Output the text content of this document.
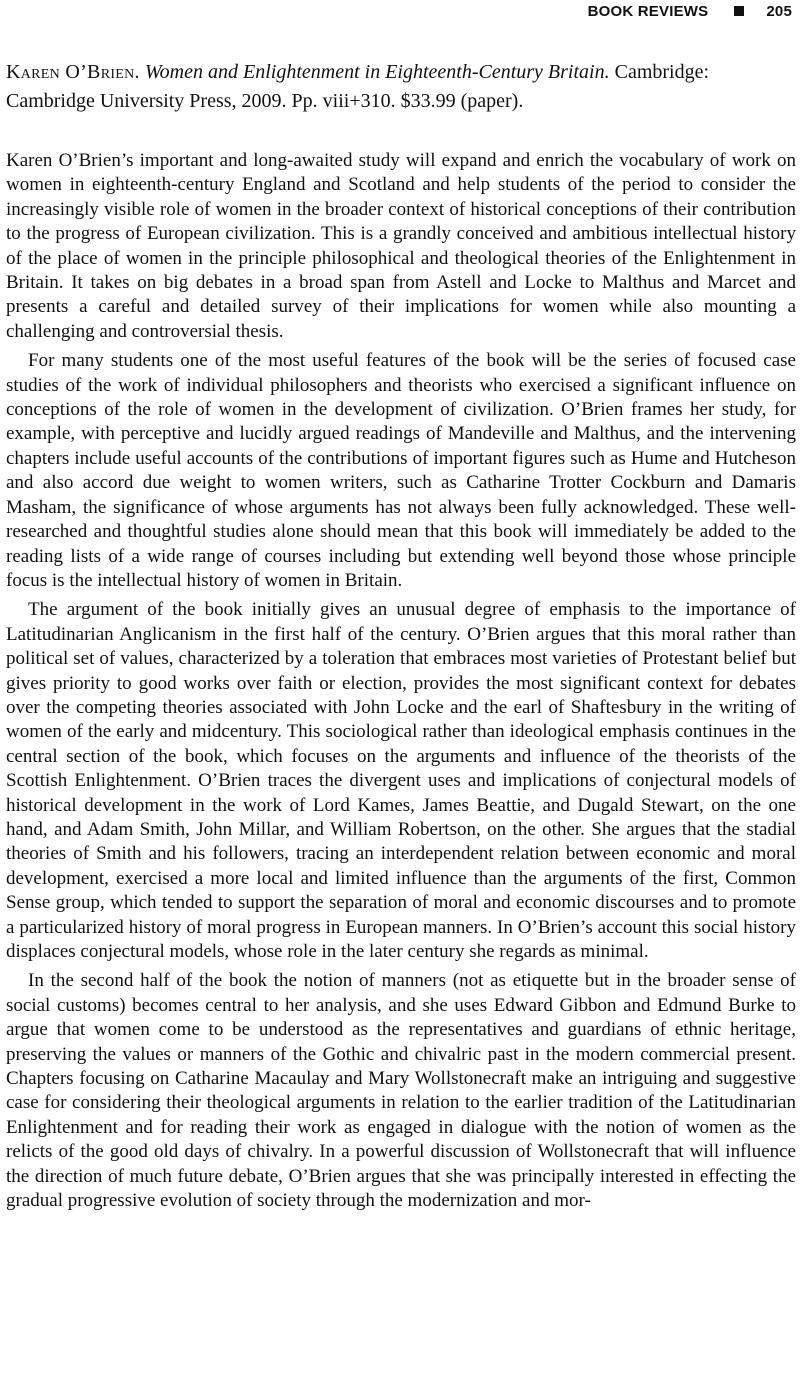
BOOK REVIEWS	205
Karen O’Brien. Women and Enlightenment in Eighteenth-Century Britain. Cambridge: Cambridge University Press, 2009. Pp. viii+310. $33.99 (paper).

Karen O’Brien’s important and long-awaited study will expand and enrich the vocabulary of work on women in eighteenth-century England and Scotland and help students of the period to consider the increasingly visible role of women in the broader context of historical conceptions of their contribution to the progress of European civilization. This is a grandly conceived and ambitious intellectual history of the place of women in the principle philosophical and theological theories of the Enlightenment in Britain. It takes on big debates in a broad span from Astell and Locke to Malthus and Marcet and presents a careful and detailed survey of their implications for women while also mounting a challenging and controversial thesis.

For many students one of the most useful features of the book will be the series of focused case studies of the work of individual philosophers and theorists who exercised a significant influence on conceptions of the role of women in the development of civilization. O’Brien frames her study, for example, with perceptive and lucidly argued readings of Mandeville and Malthus, and the intervening chapters include useful accounts of the contributions of important figures such as Hume and Hutcheson and also accord due weight to women writers, such as Catharine Trotter Cockburn and Damaris Masham, the significance of whose arguments has not always been fully acknowledged. These well-researched and thoughtful studies alone should mean that this book will immediately be added to the reading lists of a wide range of courses including but extending well beyond those whose principle focus is the intellectual history of women in Britain.

The argument of the book initially gives an unusual degree of emphasis to the importance of Latitudinarian Anglicanism in the first half of the century. O’Brien argues that this moral rather than political set of values, characterized by a toleration that embraces most varieties of Protestant belief but gives priority to good works over faith or election, provides the most significant context for debates over the competing theories associated with John Locke and the earl of Shaftesbury in the writing of women of the early and midcentury. This sociological rather than ideological emphasis continues in the central section of the book, which focuses on the arguments and influence of the theorists of the Scottish Enlightenment. O’Brien traces the divergent uses and implications of conjectural models of historical development in the work of Lord Kames, James Beattie, and Dugald Stewart, on the one hand, and Adam Smith, John Millar, and William Robertson, on the other. She argues that the stadial theories of Smith and his followers, tracing an interdependent relation between economic and moral development, exercised a more local and limited influence than the arguments of the first, Common Sense group, which tended to support the separation of moral and economic discourses and to promote a particularized history of moral progress in European manners. In O’Brien’s account this social history displaces conjectural models, whose role in the later century she regards as minimal.

In the second half of the book the notion of manners (not as etiquette but in the broader sense of social customs) becomes central to her analysis, and she uses Edward Gibbon and Edmund Burke to argue that women come to be understood as the representatives and guardians of ethnic heritage, preserving the values or manners of the Gothic and chivalric past in the modern commercial present. Chapters focusing on Catharine Macaulay and Mary Wollstonecraft make an intriguing and suggestive case for considering their theological arguments in relation to the earlier tradition of the Latitudinarian Enlightenment and for reading their work as engaged in dialogue with the notion of women as the relicts of the good old days of chivalry. In a powerful discussion of Wollstonecraft that will influence the direction of much future debate, O’Brien argues that she was principally interested in effecting the gradual progressive evolution of society through the modernization and mor-
